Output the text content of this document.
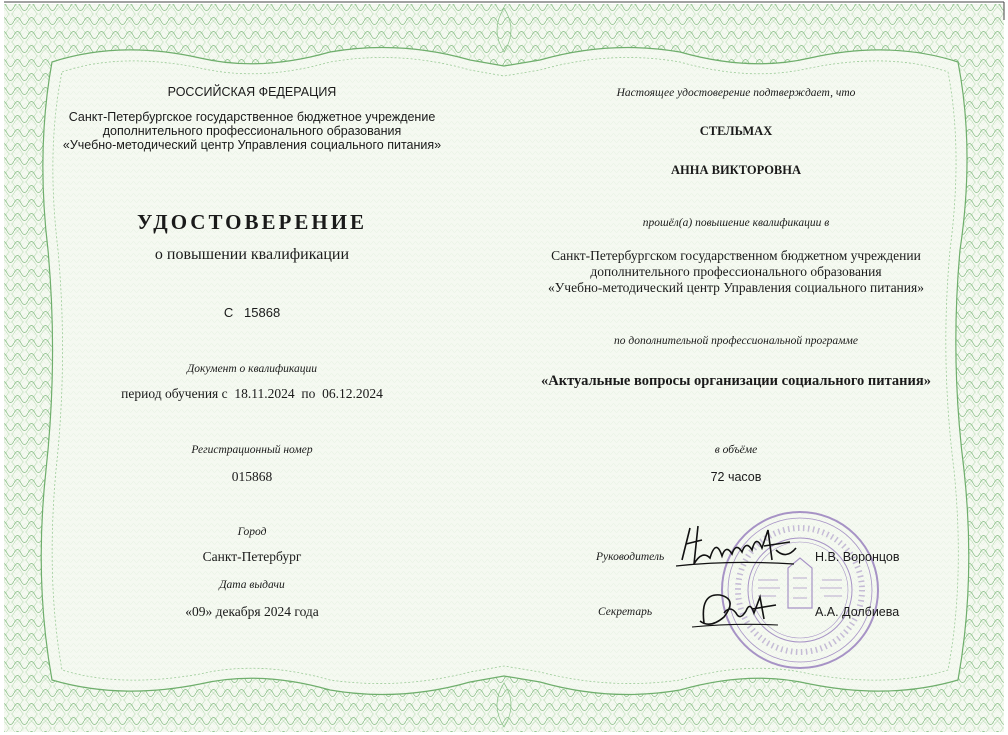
РОССИЙСКАЯ ФЕДЕРАЦИЯ
Санкт-Петербургское государственное бюджетное учреждение
дополнительного профессионального образования
«Учебно-методический центр Управления социального питания»
УДОСТОВЕРЕНИЕ
о повышении квалификации
С   15868
Документ о квалификации
период обучения с  18.11.2024  по  06.12.2024
Регистрационный номер
015868
Город
Санкт-Петербург
Дата выдачи
«09» декабря 2024 года
Настоящее удостоверение подтверждает, что
СТЕЛЬМАХ
АННА ВИКТОРОВНА
прошёл(а) повышение квалификации в
Санкт-Петербургском государственном бюджетном учреждении
дополнительного профессионального образования
«Учебно-методический центр Управления социального питания»
по дополнительной профессиональной программе
«Актуальные вопросы организации социального питания»
в объёме
72 часов
Руководитель	Н.В. Воронцов
Секретарь	А.А. Долбиева
